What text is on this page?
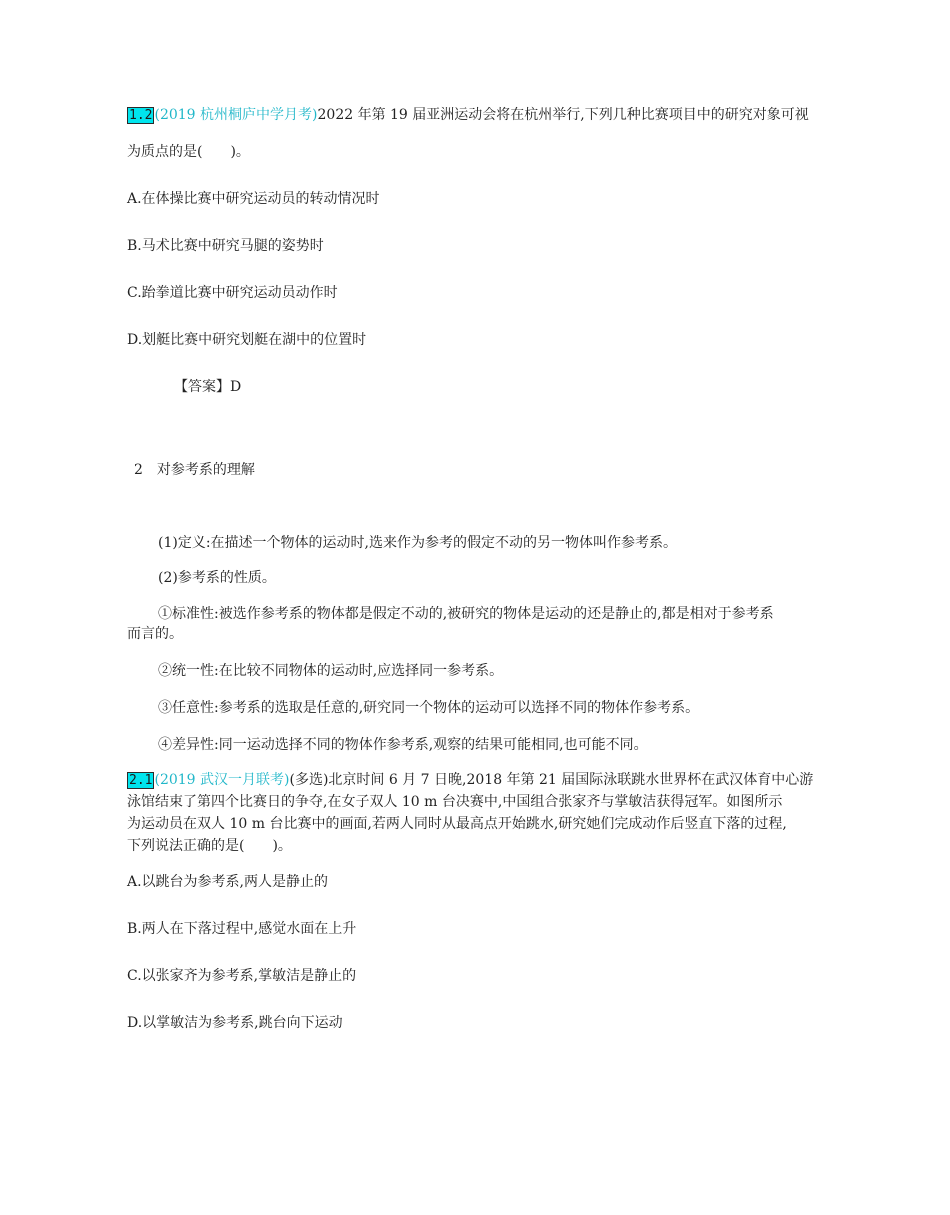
1.2 (2019 杭州桐庐中学月考)2022 年第 19 届亚洲运动会将在杭州举行,下列几种比赛项目中的研究对象可视
为质点的是(　　)。
A.在体操比赛中研究运动员的转动情况时
B.马术比赛中研究马腿的姿势时
C.跆拳道比赛中研究运动员动作时
D.划艇比赛中研究划艇在湖中的位置时
【答案】D
2　对参考系的理解
(1)定义:在描述一个物体的运动时,选来作为参考的假定不动的另一物体叫作参考系。
(2)参考系的性质。
①标准性:被选作参考系的物体都是假定不动的,被研究的物体是运动的还是静止的,都是相对于参考系
而言的。
②统一性:在比较不同物体的运动时,应选择同一参考系。
③任意性:参考系的选取是任意的,研究同一个物体的运动可以选择不同的物体作参考系。
④差异性:同一运动选择不同的物体作参考系,观察的结果可能相同,也可能不同。
2.1 (2019 武汉一月联考)(多选)北京时间 6 月 7 日晚,2018 年第 21 届国际泳联跳水世界杯在武汉体育中心游
泳馆结束了第四个比赛日的争夺,在女子双人 10 m 台决赛中,中国组合张家齐与掌敏洁获得冠军。如图所示
为运动员在双人 10 m 台比赛中的画面,若两人同时从最高点开始跳水,研究她们完成动作后竖直下落的过程,
下列说法正确的是(　　)。
A.以跳台为参考系,两人是静止的
B.两人在下落过程中,感觉水面在上升
C.以张家齐为参考系,掌敏洁是静止的
D.以掌敏洁为参考系,跳台向下运动
